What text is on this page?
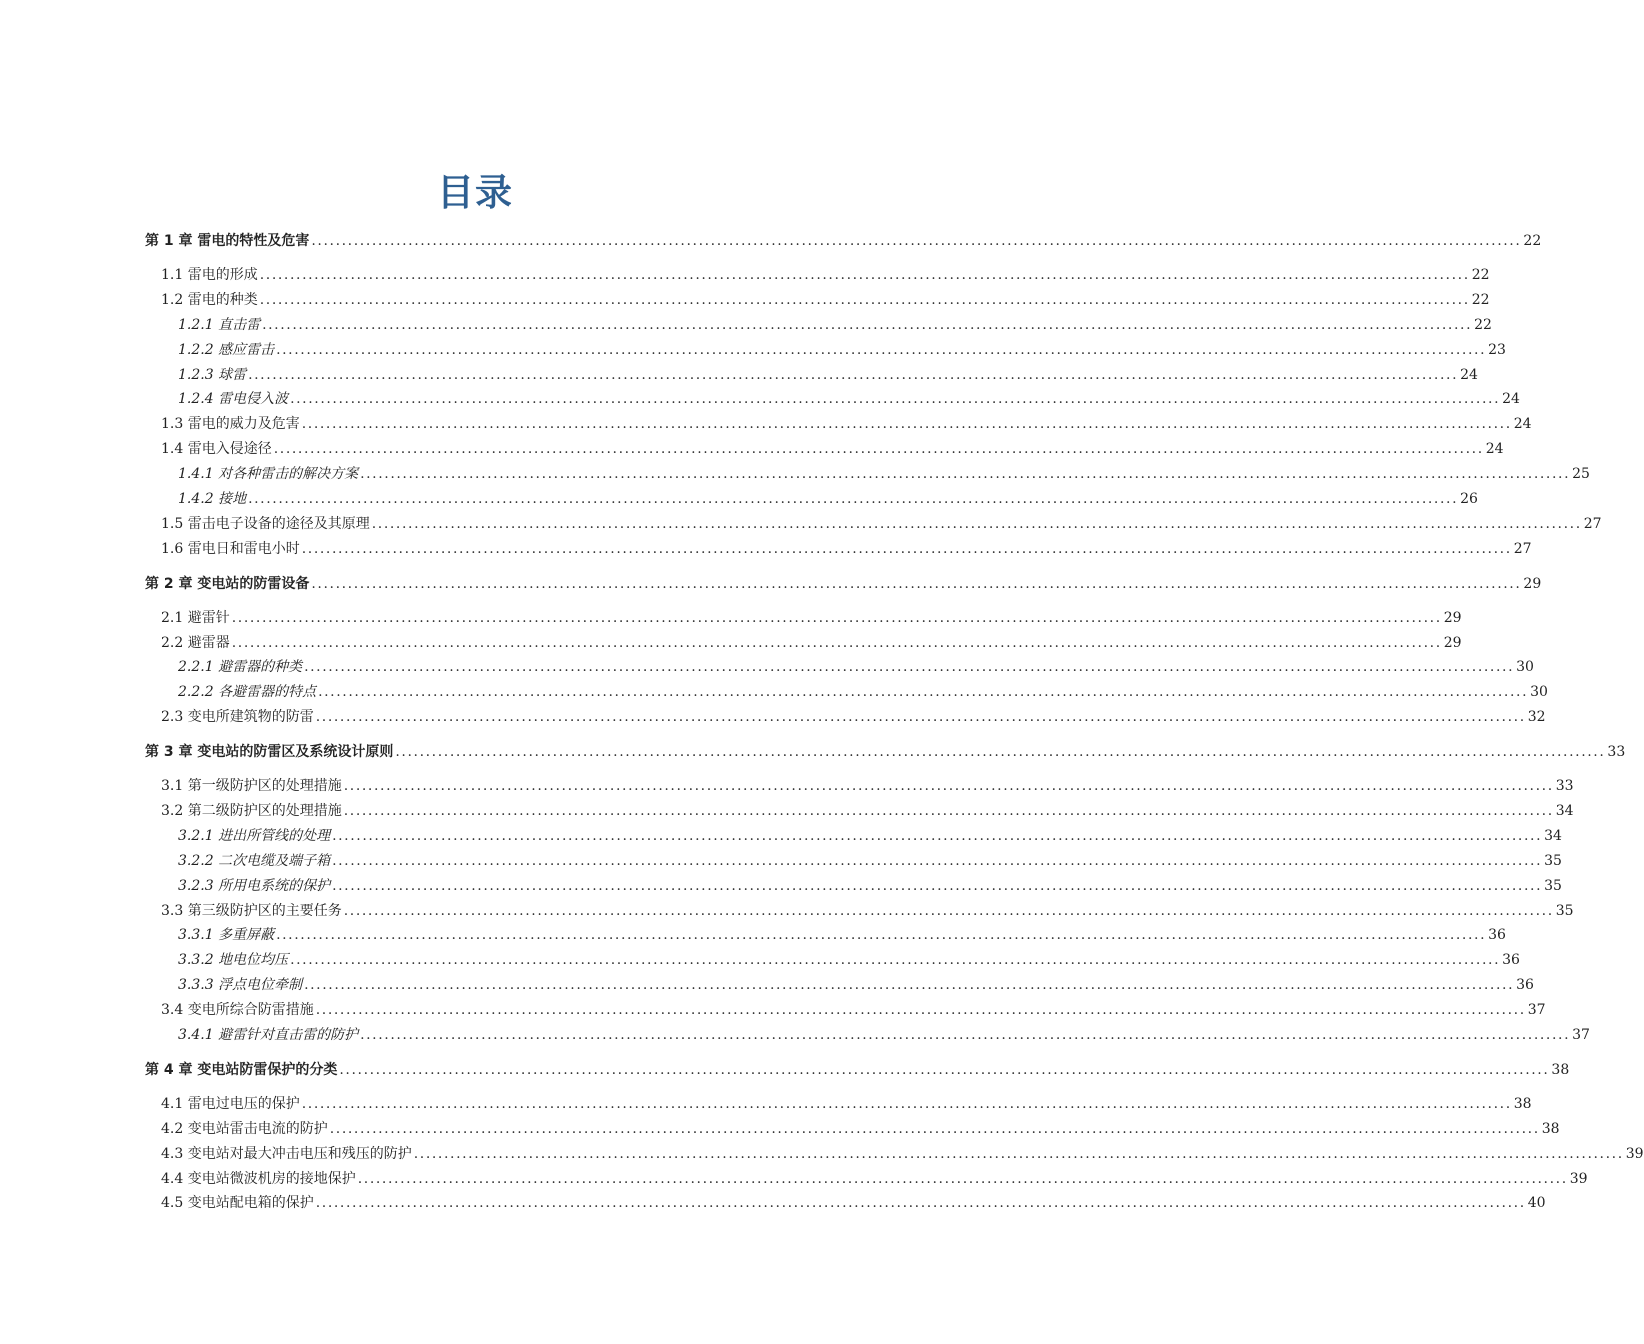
目录
第 1 章 雷电的特性及危害 ........................................................................................................................................................................................................ 22
1.1 雷电的形成 ........................................................................................................................................................................................................ 22
1.2 雷电的种类 ........................................................................................................................................................................................................ 22
1.2.1 直击雷 ........................................................................................................................................................................................................ 22
1.2.2 感应雷击 ........................................................................................................................................................................................................ 23
1.2.3 球雷 ........................................................................................................................................................................................................ 24
1.2.4 雷电侵入波 ........................................................................................................................................................................................................ 24
1.3 雷电的威力及危害 ........................................................................................................................................................................................................ 24
1.4 雷电入侵途径 ........................................................................................................................................................................................................ 24
1.4.1 对各种雷击的解决方案 ........................................................................................................................................................................................................ 25
1.4.2 接地 ........................................................................................................................................................................................................ 26
1.5 雷击电子设备的途径及其原理 ........................................................................................................................................................................................................ 27
1.6 雷电日和雷电小时 ........................................................................................................................................................................................................ 27
第 2 章 变电站的防雷设备 ........................................................................................................................................................................................................ 29
2.1 避雷针 ........................................................................................................................................................................................................ 29
2.2 避雷器 ........................................................................................................................................................................................................ 29
2.2.1 避雷器的种类 ........................................................................................................................................................................................................ 30
2.2.2 各避雷器的特点 ........................................................................................................................................................................................................ 30
2.3 变电所建筑物的防雷 ........................................................................................................................................................................................................ 32
第 3 章 变电站的防雷区及系统设计原则 ........................................................................................................................................................................................................ 33
3.1 第一级防护区的处理措施 ........................................................................................................................................................................................................ 33
3.2 第二级防护区的处理措施 ........................................................................................................................................................................................................ 34
3.2.1 进出所管线的处理 ........................................................................................................................................................................................................ 34
3.2.2 二次电缆及端子箱 ........................................................................................................................................................................................................ 35
3.2.3 所用电系统的保护 ........................................................................................................................................................................................................ 35
3.3 第三级防护区的主要任务 ........................................................................................................................................................................................................ 35
3.3.1 多重屏蔽 ........................................................................................................................................................................................................ 36
3.3.2 地电位均压 ........................................................................................................................................................................................................ 36
3.3.3 浮点电位牵制 ........................................................................................................................................................................................................ 36
3.4 变电所综合防雷措施 ........................................................................................................................................................................................................ 37
3.4.1 避雷针对直击雷的防护 ........................................................................................................................................................................................................ 37
第 4 章 变电站防雷保护的分类 ........................................................................................................................................................................................................ 38
4.1 雷电过电压的保护 ........................................................................................................................................................................................................ 38
4.2 变电站雷击电流的防护 ........................................................................................................................................................................................................ 38
4.3 变电站对最大冲击电压和残压的防护 ........................................................................................................................................................................................................ 39
4.4 变电站微波机房的接地保护 ........................................................................................................................................................................................................ 39
4.5 变电站配电箱的保护 ........................................................................................................................................................................................................ 40
